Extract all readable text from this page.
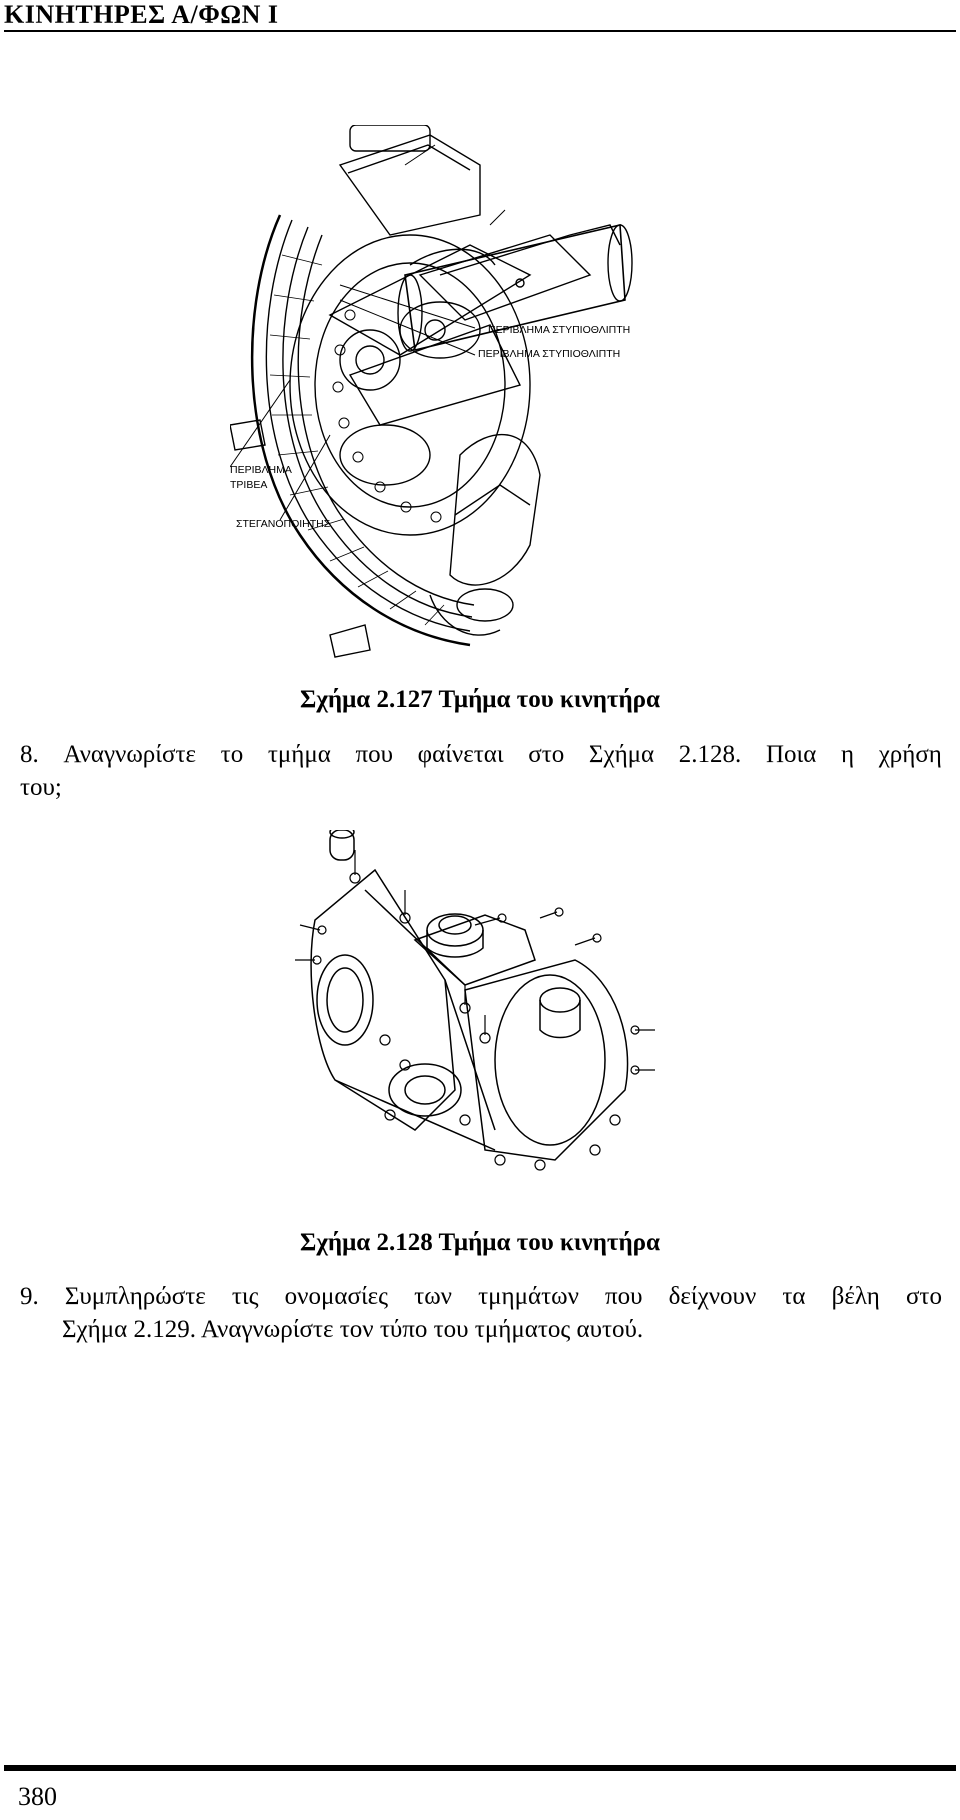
ΚΙΝΗΤΗΡΕΣ Α/ΦΩΝ Ι
ΠΕΡΙΒΛΗΜΑ ΣΤΥΠΙΟΘΛΙΠΤΗ
ΠΕΡΙΒΛΗΜΑ ΣΤΥΠΙΟΘΛΙΠΤΗ
ΠΕΡΙΒΛΗΜΑ
ΤΡΙΒΕΑ
ΣΤΕΓΑΝΟΠΟΙΗΤΗΣ
Σχήμα 2.127 Τμήμα του κινητήρα
8. Αναγνωρίστε το τμήμα που φαίνεται στο Σχήμα 2.128. Ποια η χρήση
του;
Σχήμα 2.128 Τμήμα του κινητήρα
9. Συμπληρώστε τις ονομασίες των τμημάτων που δείχνουν τα βέλη στο
Σχήμα 2.129. Αναγνωρίστε τον τύπο του τμήματος αυτού.
380
